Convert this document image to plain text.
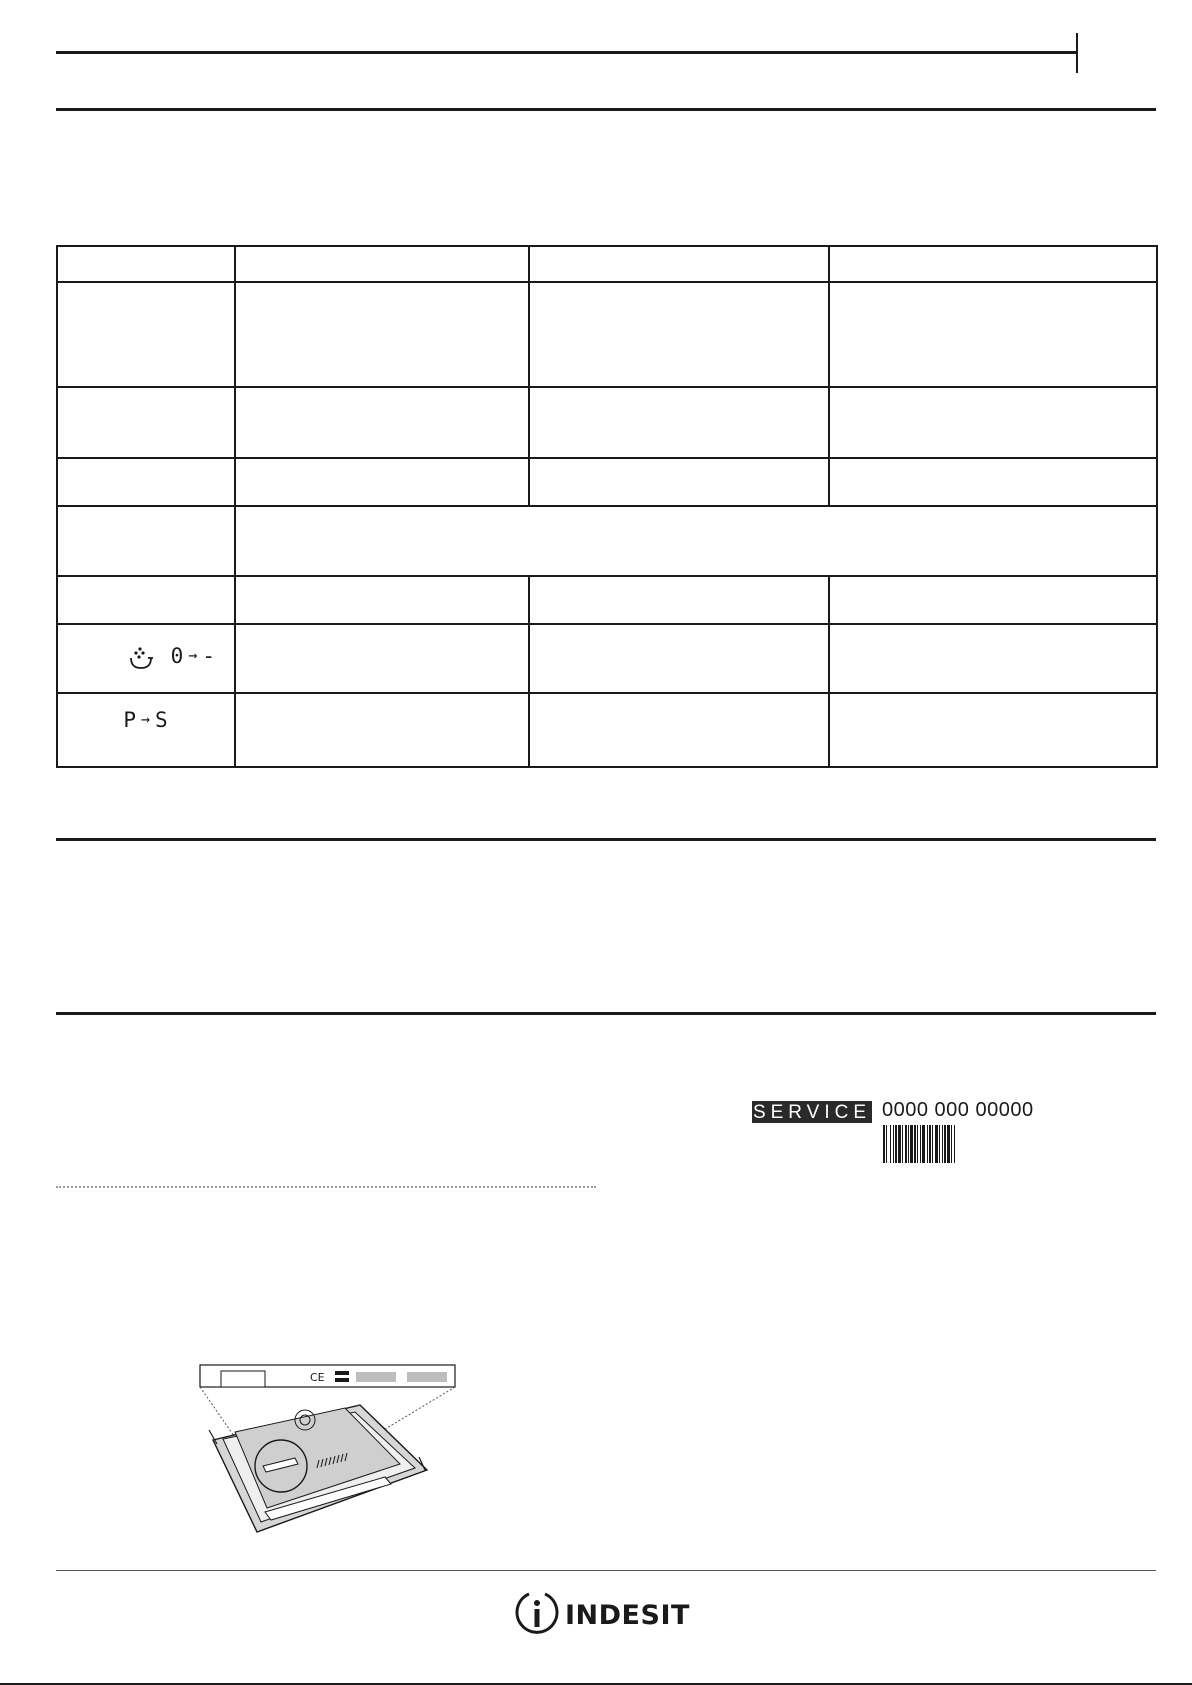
0 → -			
P → S			
SERVICE 0000 000 00000
CE
INDESIT
